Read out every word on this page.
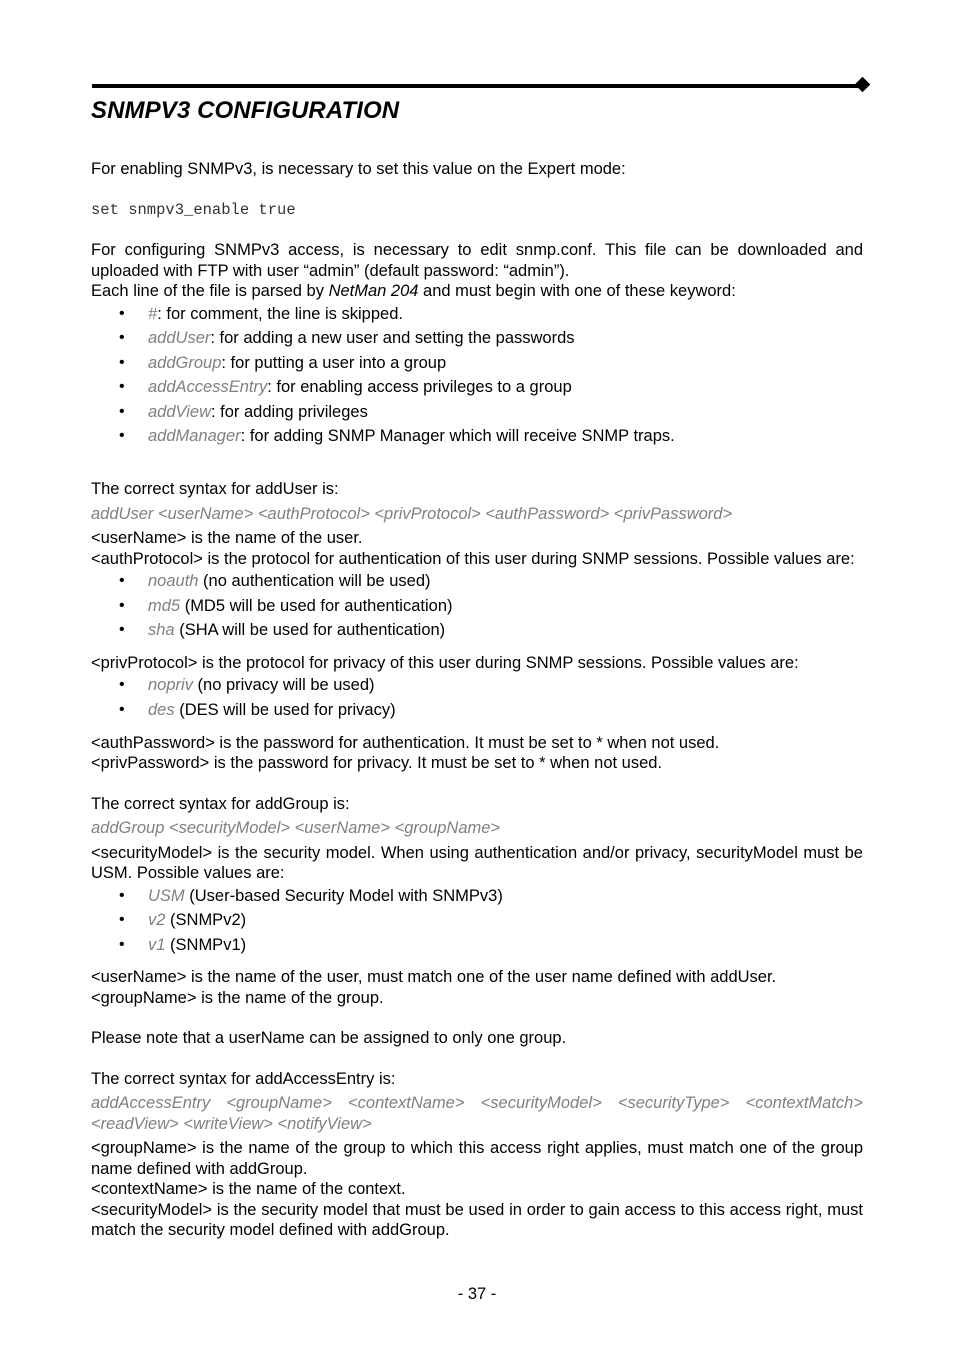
SNMPV3 CONFIGURATION

For enabling SNMPv3, is necessary to set this value on the Expert mode:

set snmpv3_enable true

For configuring SNMPv3 access, is necessary to edit snmp.conf. This file can be downloaded and uploaded with FTP with user “admin” (default password: “admin”).

Each line of the file is parsed by NetMan 204 and must begin with one of these keyword:

• #: for comment, the line is skipped.
• addUser: for adding a new user and setting the passwords
• addGroup: for putting a user into a group
• addAccessEntry: for enabling access privileges to a group
• addView: for adding privileges
• addManager: for adding SNMP Manager which will receive SNMP traps.

The correct syntax for addUser is:

addUser <userName> <authProtocol> <privProtocol> <authPassword> <privPassword>

<userName> is the name of the user.

<authProtocol> is the protocol for authentication of this user during SNMP sessions. Possible values are:

• noauth (no authentication will be used)
• md5 (MD5 will be used for authentication)
• sha (SHA will be used for authentication)

<privProtocol> is the protocol for privacy of this user during SNMP sessions. Possible values are:

• nopriv (no privacy will be used)
• des (DES will be used for privacy)

<authPassword> is the password for authentication. It must be set to * when not used.

<privPassword> is the password for privacy. It must be set to * when not used.

The correct syntax for addGroup is:

addGroup <securityModel> <userName> <groupName>

<securityModel> is the security model. When using authentication and/or privacy, securityModel must be USM. Possible values are:

• USM (User-based Security Model with SNMPv3)
• v2 (SNMPv2)
• v1 (SNMPv1)

<userName> is the name of the user, must match one of the user name defined with addUser.

<groupName> is the name of the group.

Please note that a userName can be assigned to only one group.

The correct syntax for addAccessEntry is:

addAccessEntry <groupName> <contextName> <securityModel> <securityType> <contextMatch> <readView> <writeView> <notifyView>

<groupName> is the name of the group to which this access right applies, must match one of the group name defined with addGroup.

<contextName> is the name of the context.

<securityModel> is the security model that must be used in order to gain access to this access right, must match the security model defined with addGroup.

- 37 -
